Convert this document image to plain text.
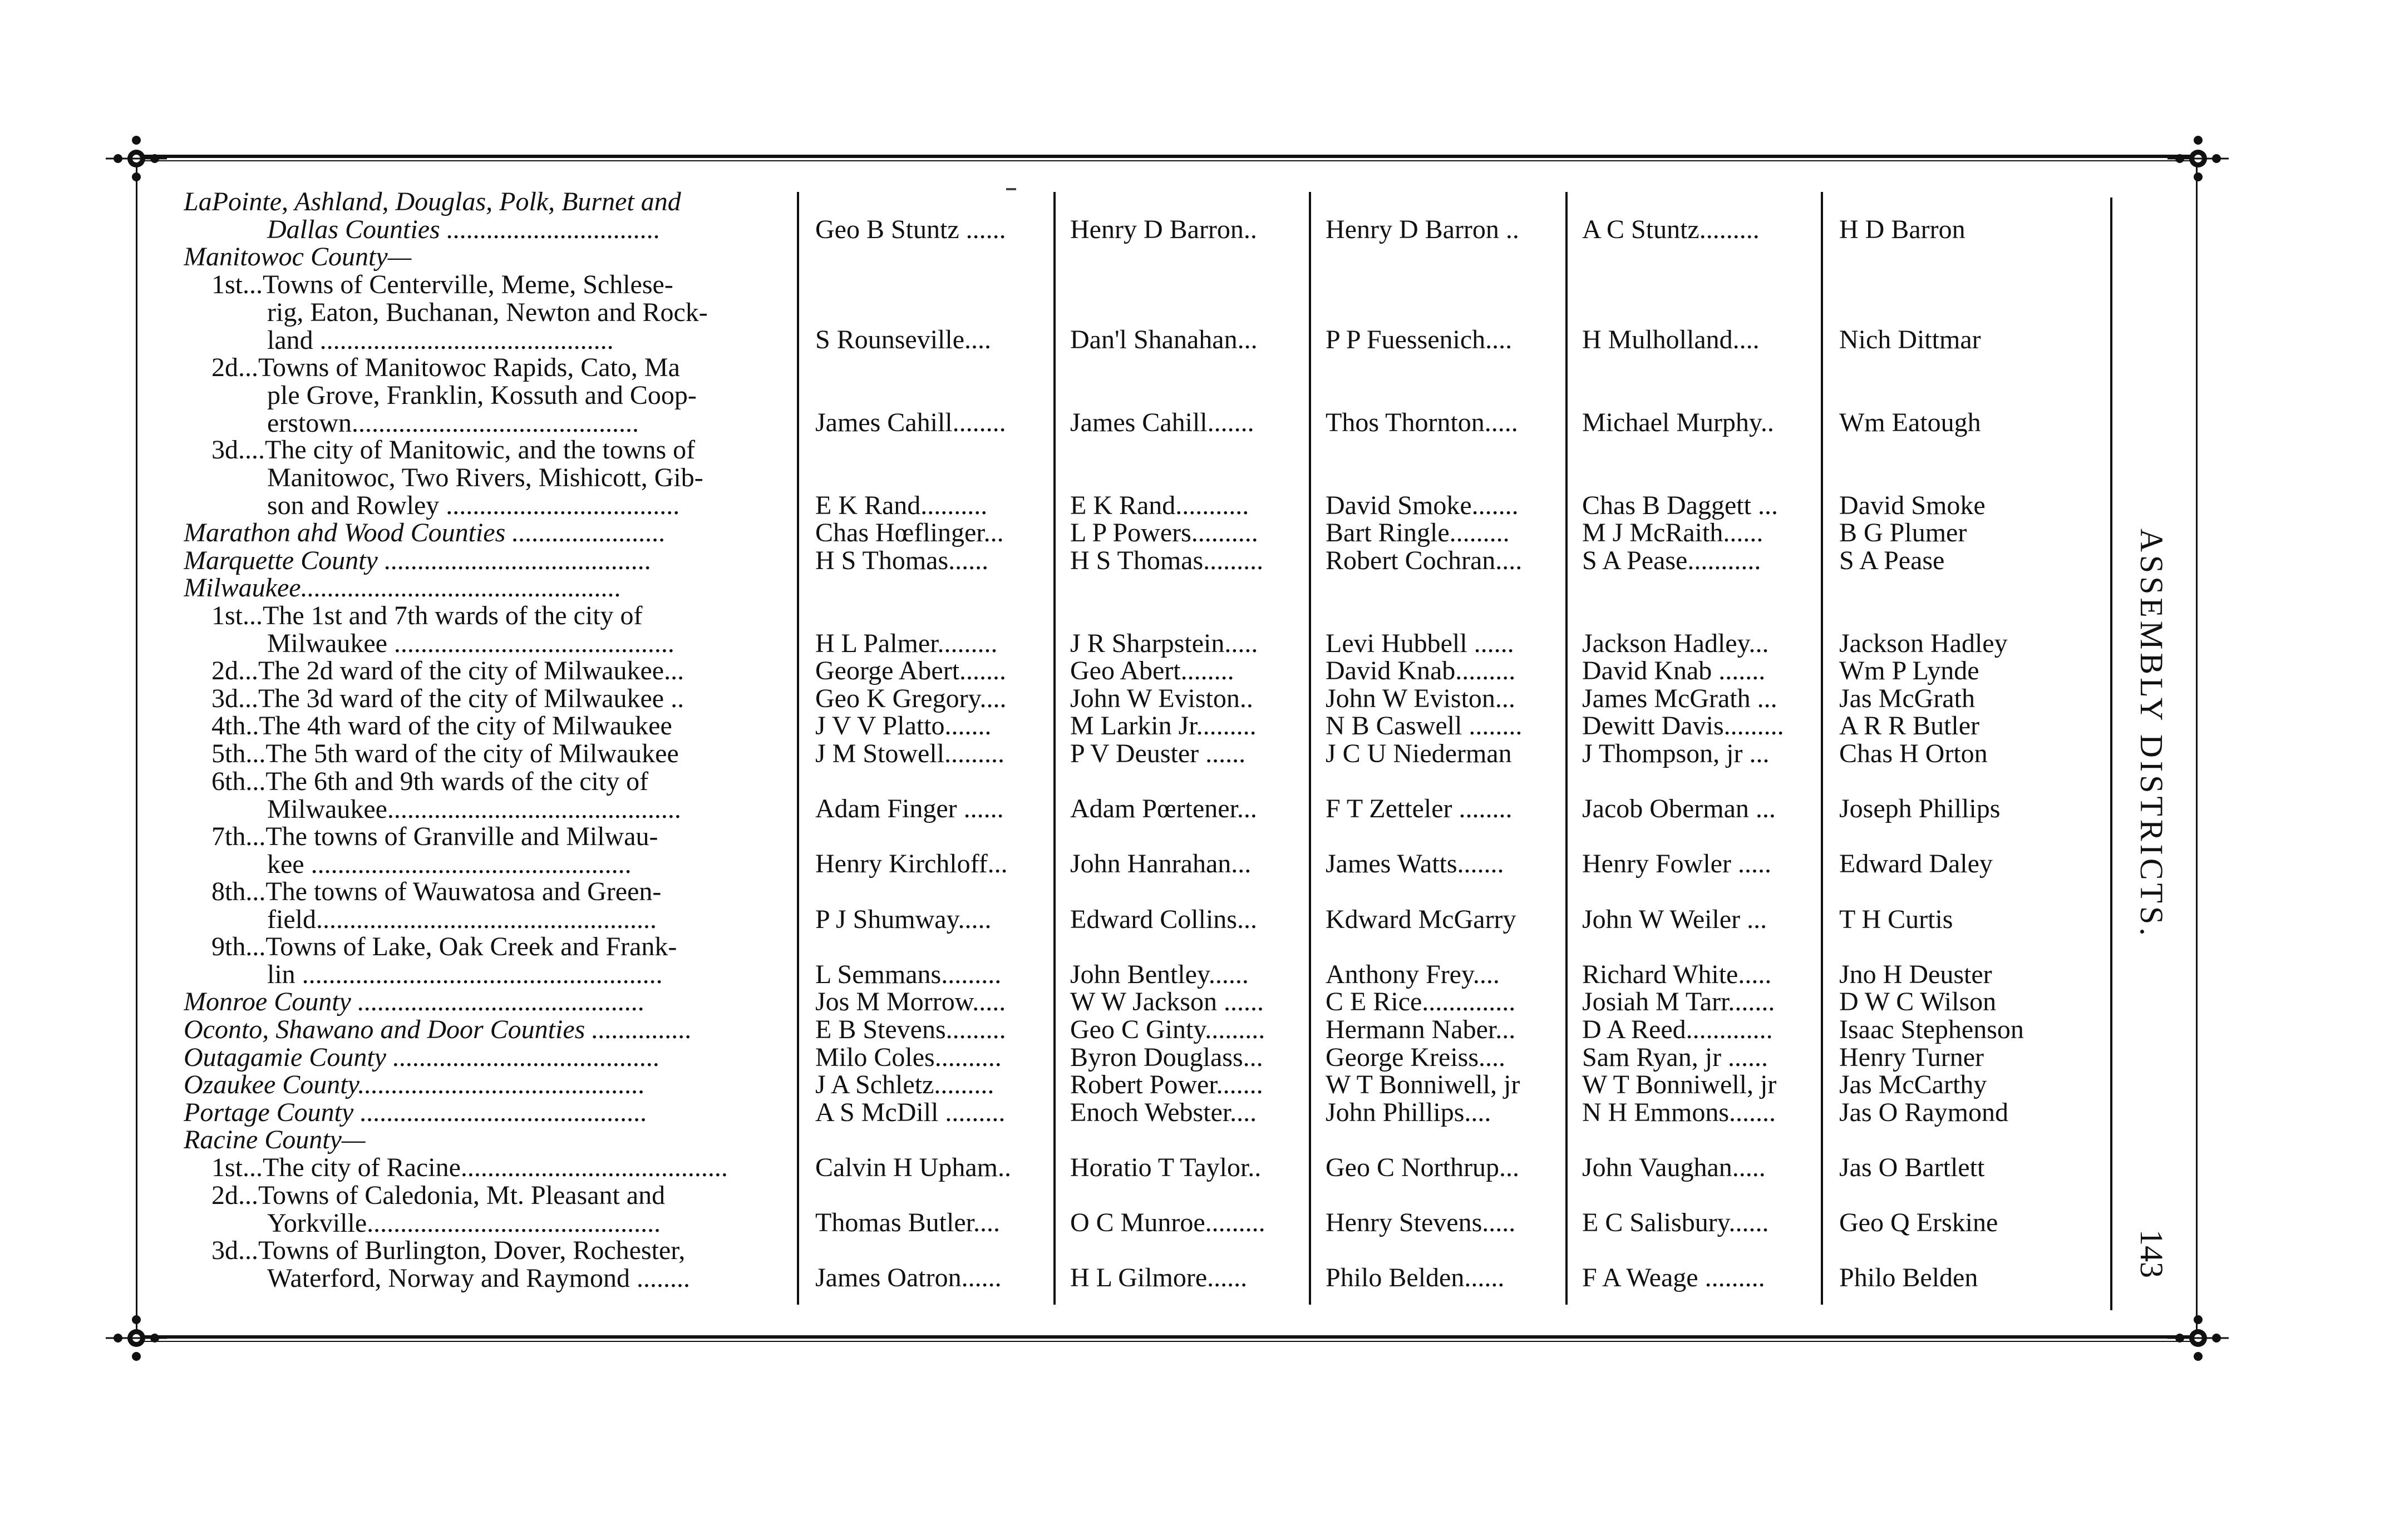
LaPointe, Ashland, Douglas, Polk, Burnet and
Dallas Counties ................................	Geo B Stuntz ......	Henry D Barron..	Henry D Barron ..	A C Stuntz.........	H D Barron
Manitowoc County—
1st...Towns of Centerville, Meme, Schlese-
rig, Eaton, Buchanan, Newton and Rock-
land ............................................	S Rounseville....	Dan'l Shanahan...	P P Fuessenich....	H Mulholland....	Nich Dittmar
2d...Towns of Manitowoc Rapids, Cato, Ma
ple Grove, Franklin, Kossuth and Coop-
erstown...........................................	James Cahill........	James Cahill.......	Thos Thornton.....	Michael Murphy..	Wm Eatough
3d....The city of Manitowic, and the towns of
Manitowoc, Two Rivers, Mishicott, Gib-
son and Rowley ...................................	E K Rand..........	E K Rand...........	David Smoke.......	Chas B Daggett ...	David Smoke
Marathon ahd Wood Counties .......................	Chas Hœflinger...	L P Powers..........	Bart Ringle.........	M J McRaith......	B G Plumer
Marquette County ........................................	H S Thomas......	H S Thomas.........	Robert Cochran....	S A Pease...........	S A Pease
Milwaukee................................................
1st...The 1st and 7th wards of the city of
Milwaukee ..........................................	H L Palmer.........	J R Sharpstein.....	Levi Hubbell ......	Jackson Hadley...	Jackson Hadley
2d...The 2d ward of the city of Milwaukee...	George Abert.......	Geo Abert........	David Knab.........	David Knab .......	Wm P Lynde
3d...The 3d ward of the city of Milwaukee ..	Geo K Gregory....	John W Eviston..	John W Eviston...	James McGrath ...	Jas McGrath
4th..The 4th ward of the city of Milwaukee	J V V Platto.......	M Larkin Jr.........	N B Caswell ........	Dewitt Davis.........	A R R Butler
5th...The 5th ward of the city of Milwaukee	J M Stowell.........	P V Deuster ......	J C U Niederman	J Thompson, jr ...	Chas H Orton
6th...The 6th and 9th wards of the city of
Milwaukee............................................	Adam Finger ......	Adam Pœrtener...	F T Zetteler ........	Jacob Oberman ...	Joseph Phillips
7th...The towns of Granville and Milwau-
kee ................................................	Henry Kirchloff...	John Hanrahan...	James Watts.......	Henry Fowler .....	Edward Daley
8th...The towns of Wauwatosa and Green-
field...................................................	P J Shumway.....	Edward Collins...	Kdward McGarry	John W Weiler ...	T H Curtis
9th...Towns of Lake, Oak Creek and Frank-
lin ......................................................	L Semmans.........	John Bentley......	Anthony Frey....	Richard White.....	Jno H Deuster
Monroe County ...........................................	Jos M Morrow.....	W W Jackson ......	C E Rice..............	Josiah M Tarr.......	D W C Wilson
Oconto, Shawano and Door Counties ...............	E B Stevens.........	Geo C Ginty.........	Hermann Naber...	D A Reed.............	Isaac Stephenson
Outagamie County ........................................	Milo Coles..........	Byron Douglass...	George Kreiss....	Sam Ryan, jr ......	Henry Turner
Ozaukee County...........................................	J A Schletz.........	Robert Power.......	W T Bonniwell, jr	W T Bonniwell, jr	Jas McCarthy
Portage County ...........................................	A S McDill .........	Enoch Webster....	John Phillips....	N H Emmons.......	Jas O Raymond
Racine County—
1st...The city of Racine........................................	Calvin H Upham..	Horatio T Taylor..	Geo C Northrup...	John Vaughan.....	Jas O Bartlett
2d...Towns of Caledonia, Mt. Pleasant and
Yorkville............................................	Thomas Butler....	O C Munroe.........	Henry Stevens.....	E C Salisbury......	Geo Q Erskine
3d...Towns of Burlington, Dover, Rochester,
Waterford, Norway and Raymond ........	James Oatron......	H L Gilmore......	Philo Belden......	F A Weage .........	Philo Belden
ASSEMBLY DISTRICTS.
143
